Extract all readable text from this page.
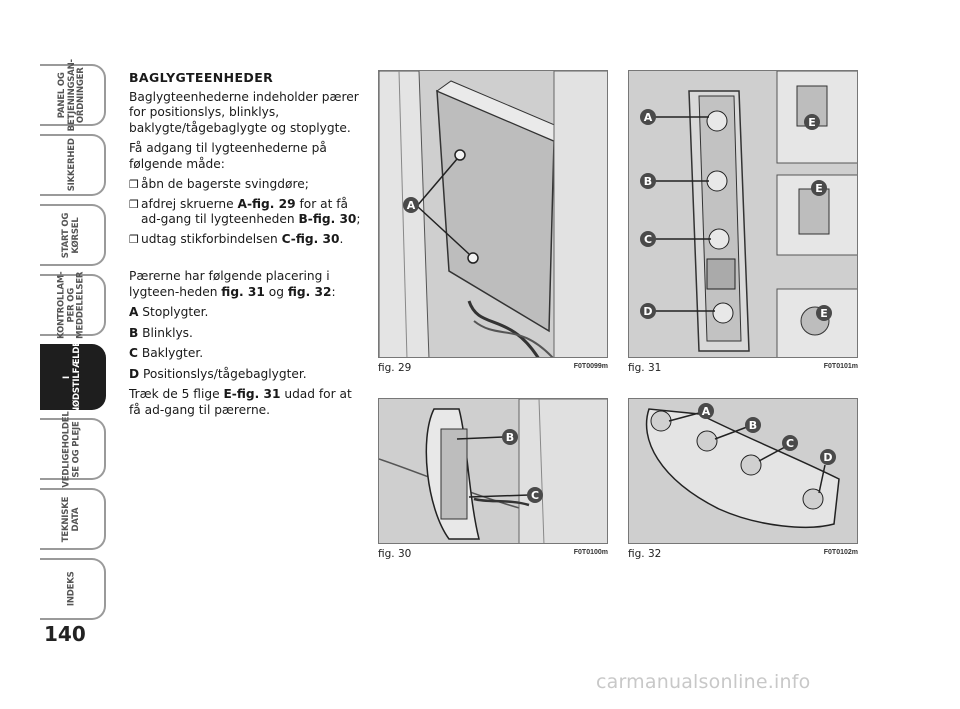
PANEL OG
BETJENINGSAN-
ORDNINGER
SIKKERHED
START OG
KØRSEL
KONTROLLAM-
PER OG
MEDDELELSER
I
NØDSTILFÆLDE
VEDLIGEHOLDEL
SE OG PLEJE
TEKNISKE
DATA
INDEKS
140
BAGLYGTEENHEDER

Baglygteenhederne indeholder pærer for positionslys, blinklys, baklygte/tågebaglygte og stoplygte.

Få adgang til lygteenhederne på følgende måde:

❒ åbn de bagerste svingdøre;
❒ afdrej skruerne A-fig. 29 for at få ad-gang til lygteenheden B-fig. 30;
❒ udtag stikforbindelsen C-fig. 30.

Pærerne har følgende placering i lygteen-heden fig. 31 og fig. 32:

A Stoplygter.

B Blinklys.

C Baklygter.

D Positionslys/tågebaglygter.

Træk de 5 flige E-fig. 31 udad for at få ad-gang til pærerne.

A
fig. 29	F0T0099m
A
B
C
D
E
E
E
fig. 31	F0T0101m
B
C
fig. 30	F0T0100m
A
B
C
D
fig. 32	F0T0102m
carmanualsonline.info
